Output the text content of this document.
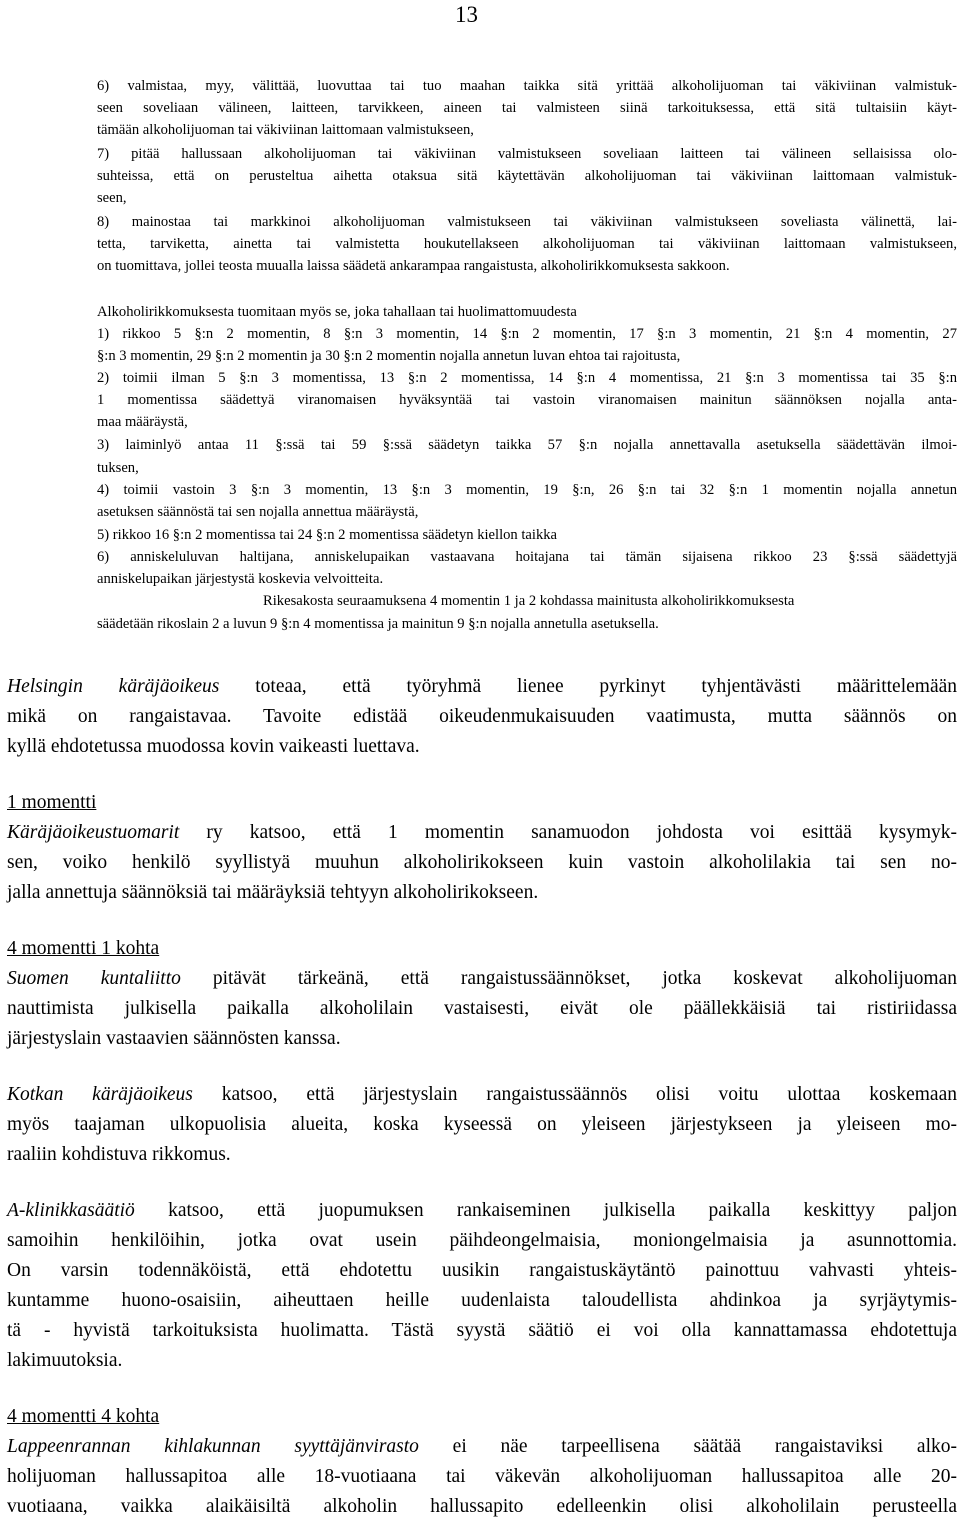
13
6) valmistaa, myy, välittää, luovuttaa tai tuo maahan taikka sitä yrittää alkoholijuoman tai väkiviinan valmistuk-
seen soveliaan välineen, laitteen, tarvikkeen, aineen tai valmisteen siinä tarkoituksessa, että sitä tultaisiin käyt-
tämään alkoholijuoman tai väkiviinan laittomaan valmistukseen,
7) pitää hallussaan alkoholijuoman tai väkiviinan valmistukseen soveliaan laitteen tai välineen sellaisissa olo-
suhteissa, että on perusteltua aihetta otaksua sitä käytettävän alkoholijuoman tai väkiviinan laittomaan valmistuk-
seen,
8) mainostaa tai markkinoi alkoholijuoman valmistukseen tai väkiviinan valmistukseen soveliasta välinettä, lai-
tetta, tarviketta, ainetta tai valmistetta houkutellakseen alkoholijuoman tai väkiviinan laittomaan valmistukseen,
on tuomittava, jollei teosta muualla laissa säädetä ankarampaa rangaistusta, alkoholirikkomuksesta sakkoon.
Alkoholirikkomuksesta tuomitaan myös se, joka tahallaan tai huolimattomuudesta
1) rikkoo 5 §:n 2 momentin, 8 §:n 3 momentin, 14 §:n 2 momentin, 17 §:n 3 momentin, 21 §:n 4 momentin, 27
§:n 3 momentin, 29 §:n 2 momentin ja 30 §:n 2 momentin nojalla annetun luvan ehtoa tai rajoitusta,
2) toimii ilman 5 §:n 3 momentissa, 13 §:n 2 momentissa, 14 §:n 4 momentissa, 21 §:n 3 momentissa tai 35 §:n
1 momentissa säädettyä viranomaisen hyväksyntää tai vastoin viranomaisen mainitun säännöksen nojalla anta-
maa määräystä,
3) laiminlyö antaa 11 §:ssä tai 59 §:ssä säädetyn taikka 57 §:n nojalla annettavalla asetuksella säädettävän ilmoi-
tuksen,
4) toimii vastoin 3 §:n 3 momentin, 13 §:n 3 momentin, 19 §:n, 26 §:n tai 32 §:n 1 momentin nojalla annetun
asetuksen säännöstä tai sen nojalla annettua määräystä,
5) rikkoo 16 §:n 2 momentissa tai 24 §:n 2 momentissa säädetyn kiellon taikka
6) anniskeluluvan haltijana, anniskelupaikan vastaavana hoitajana tai tämän sijaisena rikkoo 23 §:ssä säädettyjä
anniskelupaikan järjestystä koskevia velvoitteita.
Rikesakosta seuraamuksena 4 momentin 1 ja 2 kohdassa mainitusta alkoholirikkomuksesta
säädetään rikoslain 2 a luvun 9 §:n 4 momentissa ja mainitun 9 §:n nojalla annetulla asetuksella.
Helsingin käräjäoikeus toteaa, että työryhmä lienee pyrkinyt tyhjentävästi määrittelemään
mikä on rangaistavaa. Tavoite edistää oikeudenmukaisuuden vaatimusta, mutta säännös on
kyllä ehdotetussa muodossa kovin vaikeasti luettava.
1 momentti
Käräjäoikeustuomarit ry katsoo, että 1 momentin sanamuodon johdosta voi esittää kysymyk-
sen, voiko henkilö syyllistyä muuhun alkoholirikokseen kuin vastoin alkoholilakia tai sen no-
jalla annettuja säännöksiä tai määräyksiä tehtyyn alkoholirikokseen.
4 momentti 1 kohta
Suomen kuntaliitto pitävät tärkeänä, että rangaistussäännökset, jotka koskevat alkoholijuoman
nauttimista julkisella paikalla alkoholilain vastaisesti, eivät ole päällekkäisiä tai ristiriidassa
järjestyslain vastaavien säännösten kanssa.
Kotkan käräjäoikeus katsoo, että järjestyslain rangaistussäännös olisi voitu ulottaa koskemaan
myös taajaman ulkopuolisia alueita, koska kyseessä on yleiseen järjestykseen ja yleiseen mo-
raaliin kohdistuva rikkomus.
A-klinikkasäätiö katsoo, että juopumuksen rankaiseminen julkisella paikalla keskittyy paljon
samoihin henkilöihin, jotka ovat usein päihdeongelmaisia, moniongelmaisia ja asunnottomia.
On varsin todennäköistä, että ehdotettu uusikin rangaistuskäytäntö painottuu vahvasti yhteis-
kuntamme huono-osaisiin, aiheuttaen heille uudenlaista taloudellista ahdinkoa ja syrjäytymis-
tä - hyvistä tarkoituksista huolimatta. Tästä syystä säätiö ei voi olla kannattamassa ehdotettuja
lakimuutoksia.
4 momentti 4 kohta
Lappeenrannan kihlakunnan syyttäjänvirasto ei näe tarpeellisena säätää rangaistaviksi alko-
holijuoman hallussapitoa alle 18-vuotiaana tai väkevän alkoholijuoman hallussapitoa alle 20-
vuotiaana, vaikka alaikäisiltä alkoholin hallussapito edelleenkin olisi alkoholilain perusteella
